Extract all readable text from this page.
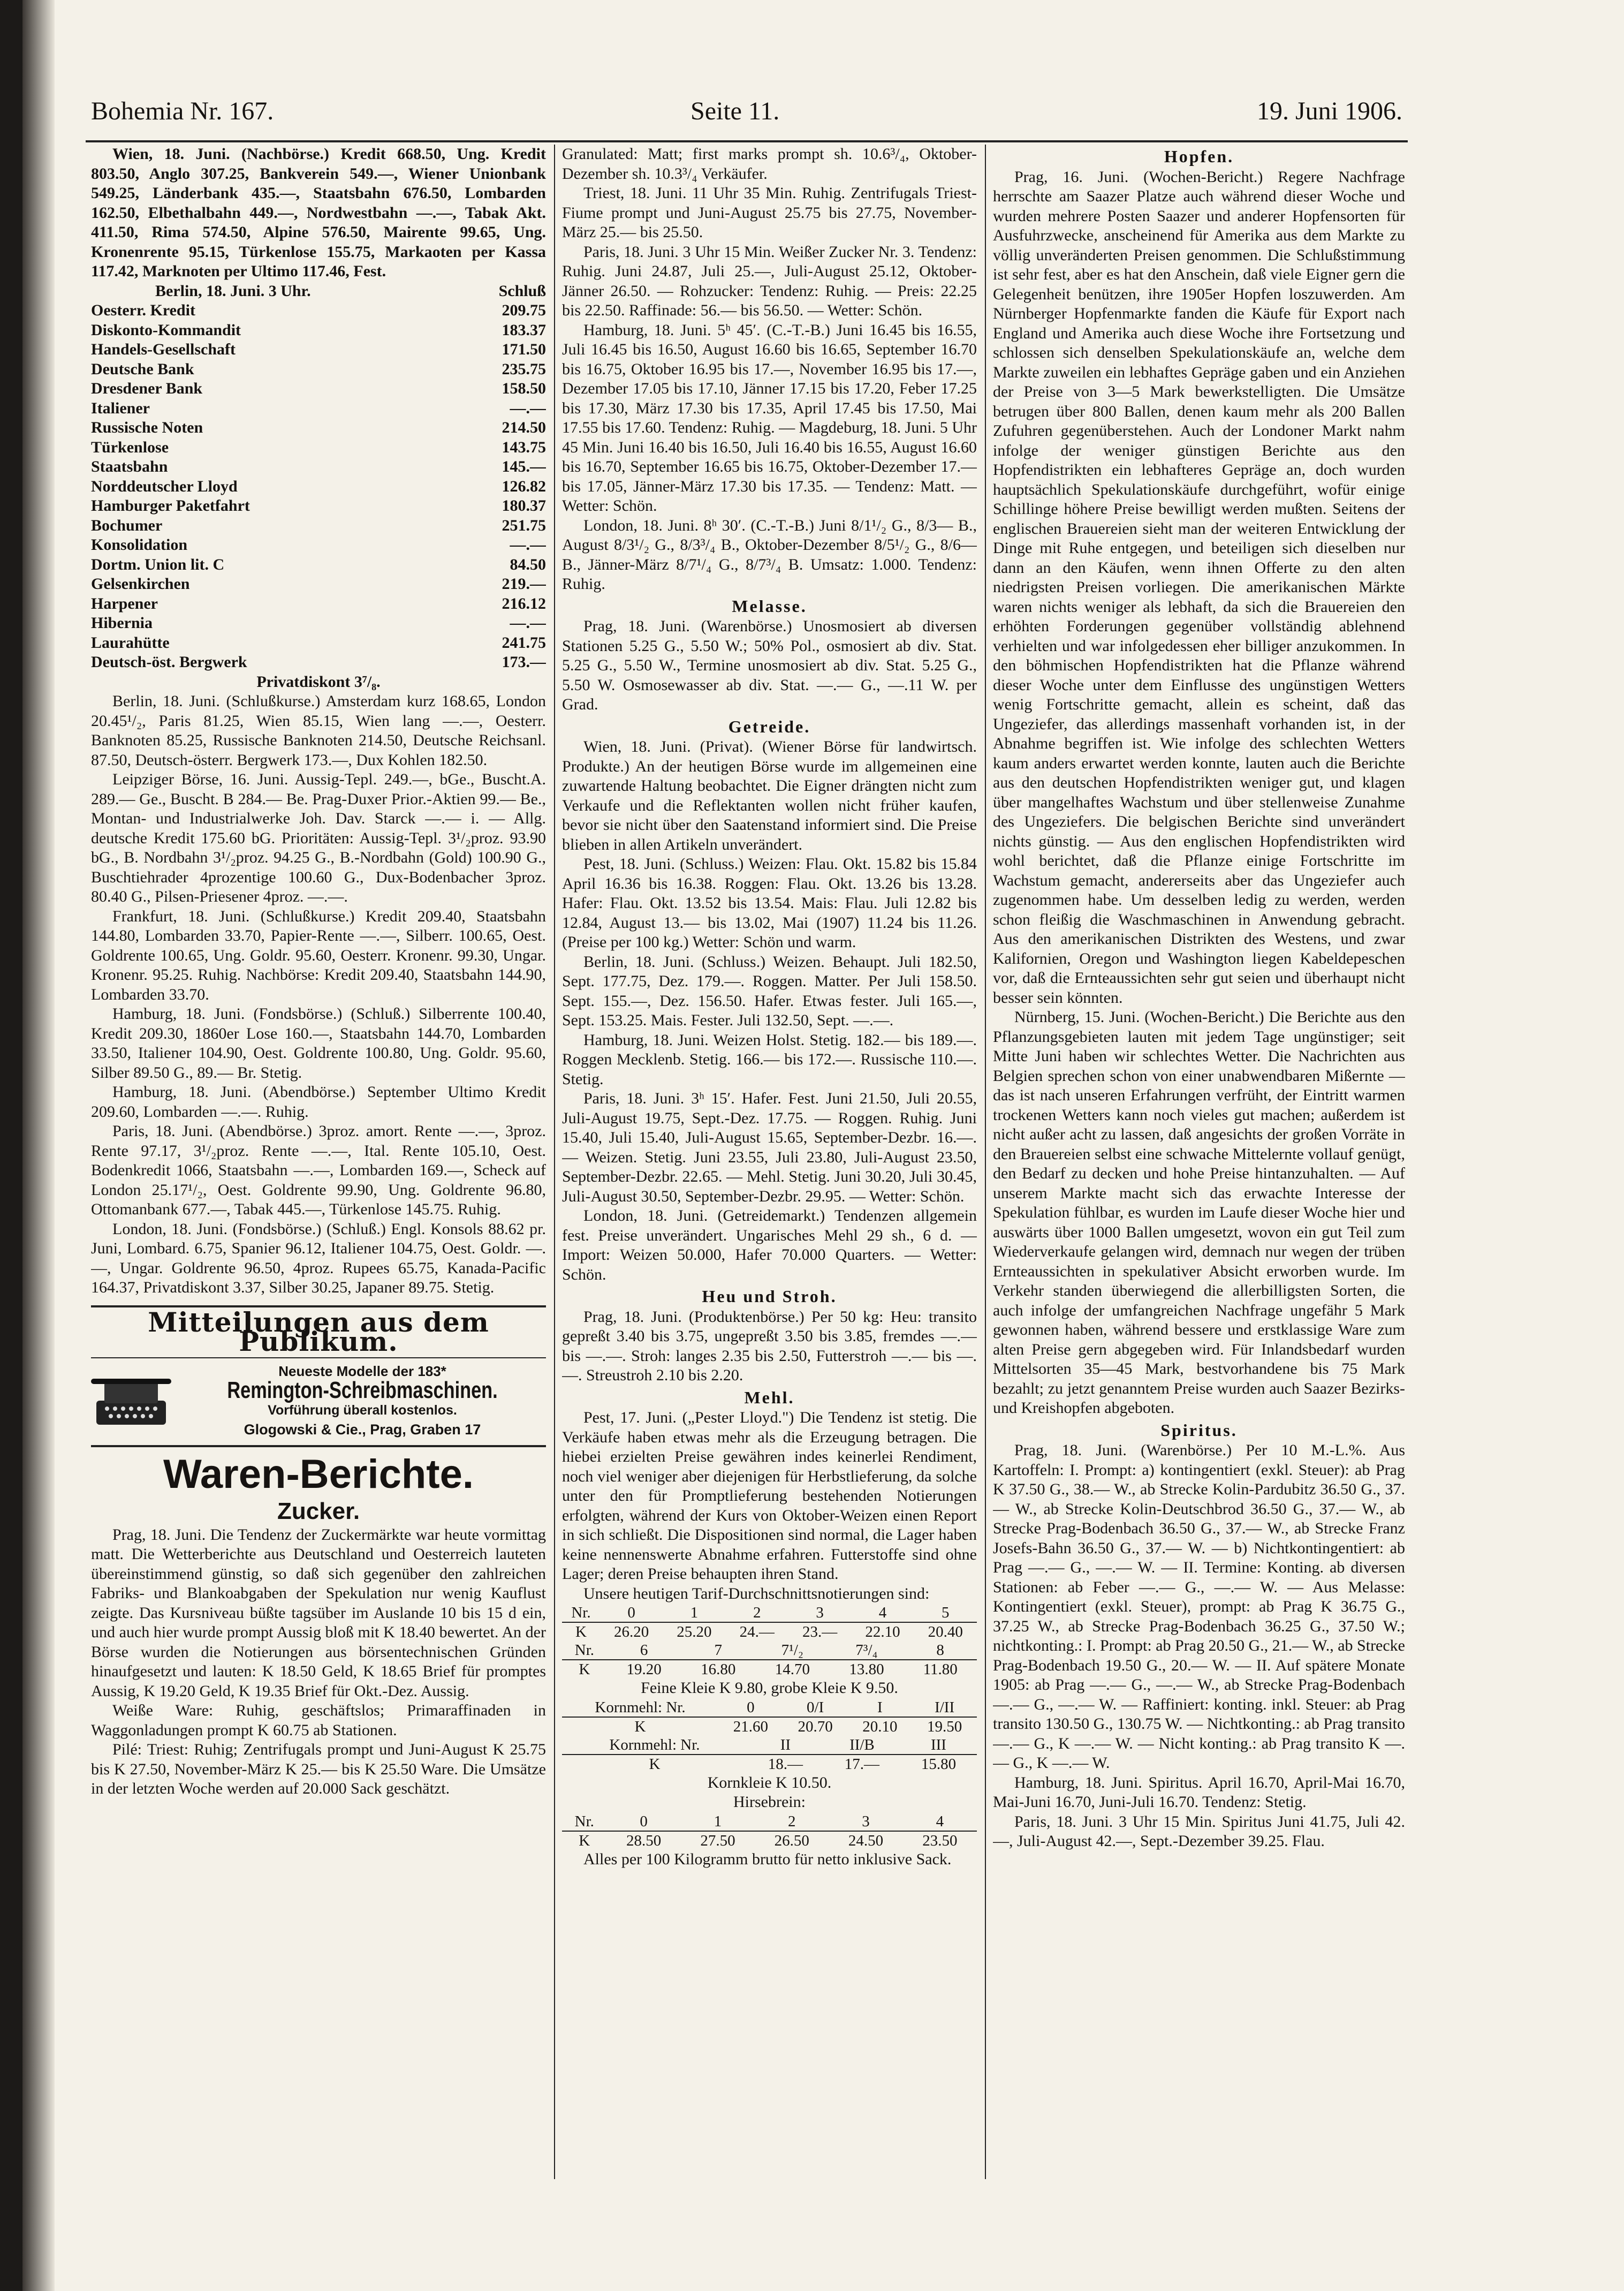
Bohemia Nr. 167.	Seite 11.	19. Juni 1906.

Wien, 18. Juni. (Nachbörse.) Kredit 668.50, Ung. Kredit 803.50, Anglo 307.25, Bankverein 549.—, Wiener Unionbank 549.25, Länderbank 435.—, Staatsbahn 676.50, Lombarden 162.50, Elbethalbahn 449.—, Nordwestbahn —.—, Tabak Akt. 411.50, Rima 574.50, Alpine 576.50, Mairente 99.65, Ung. Kronenrente 95.15, Türkenlose 155.75, Markaoten per Kassa 117.42, Marknoten per Ultimo 117.46, Fest.

Berlin, 18. Juni. 3 Uhr.	Schluß
Oesterr. Kredit	209.75
Diskonto-Kommandit	183.37
Handels-Gesellschaft	171.50
Deutsche Bank	235.75
Dresdener Bank	158.50
Italiener	—.—
Russische Noten	214.50
Türkenlose	143.75
Staatsbahn	145.—
Norddeutscher Lloyd	126.82
Hamburger Paketfahrt	180.37
Bochumer	251.75
Konsolidation	—.—
Dortm. Union lit. C	84.50
Gelsenkirchen	219.—
Harpener	216.12
Hibernia	—.—
Laurahütte	241.75
Deutsch-öst. Bergwerk	173.—

Privatdiskont 3⁷/₈.

Berlin, 18. Juni. (Schlußkurse.) Amsterdam kurz 168.65, London 20.45¹/₂, Paris 81.25, Wien 85.15, Wien lang —.—, Oesterr. Banknoten 85.25, Russische Banknoten 214.50, Deutsche Reichsanl. 87.50, Deutsch-österr. Bergwerk 173.—, Dux Kohlen 182.50.

Leipziger Börse, 16. Juni. Aussig-Tepl. 249.—, bGe., Buscht.A. 289.— Ge., Buscht. B 284.— Be. Prag-Duxer Prior.-Aktien 99.— Be., Montan- und Industrialwerke Joh. Dav. Starck —.— i. — Allg. deutsche Kredit 175.60 bG. Prioritäten: Aussig-Tepl. 3¹/₂proz. 93.90 bG., B. Nordbahn 3¹/₂proz. 94.25 G., B.-Nordbahn (Gold) 100.90 G., Buschtiehrader 4prozentige 100.60 G., Dux-Bodenbacher 3proz. 80.40 G., Pilsen-Priesener 4proz. —.—.

Frankfurt, 18. Juni. (Schlußkurse.) Kredit 209.40, Staatsbahn 144.80, Lombarden 33.70, Papier-Rente —.—, Silberr. 100.65, Oest. Goldrente 100.65, Ung. Goldr. 95.60, Oesterr. Kronenr. 99.30, Ungar. Kronenr. 95.25. Ruhig. Nachbörse: Kredit 209.40, Staatsbahn 144.90, Lombarden 33.70.

Hamburg, 18. Juni. (Fondsbörse.) (Schluß.) Silberrente 100.40, Kredit 209.30, 1860er Lose 160.—, Staatsbahn 144.70, Lombarden 33.50, Italiener 104.90, Oest. Goldrente 100.80, Ung. Goldr. 95.60, Silber 89.50 G., 89.— Br. Stetig.

Hamburg, 18. Juni. (Abendbörse.) September Ultimo Kredit 209.60, Lombarden —.—. Ruhig.

Paris, 18. Juni. (Abendbörse.) 3proz. amort. Rente —.—, 3proz. Rente 97.17, 3¹/₂proz. Rente —.—, Ital. Rente 105.10, Oest. Bodenkredit 1066, Staatsbahn —.—, Lombarden 169.—, Scheck auf London 25.17¹/₂, Oest. Goldrente 99.90, Ung. Goldrente 96.80, Ottomanbank 677.—, Tabak 445.—, Türkenlose 145.75. Ruhig.

London, 18. Juni. (Fondsbörse.) (Schluß.) Engl. Konsols 88.62 pr. Juni, Lombard. 6.75, Spanier 96.12, Italiener 104.75, Oest. Goldr. —.—, Ungar. Goldrente 96.50, 4proz. Rupees 65.75, Kanada-Pacific 164.37, Privatdiskont 3.37, Silber 30.25, Japaner 89.75. Stetig.

Mitteilungen aus dem Publikum.
Neueste Modelle der 183*
Remington-Schreibmaschinen.
Vorführung überall kostenlos.
Glogowski & Cie., Prag, Graben 17
Waren-Berichte.
Zucker.

Prag, 18. Juni. Die Tendenz der Zuckermärkte war heute vormittag matt. Die Wetterberichte aus Deutschland und Oesterreich lauteten übereinstimmend günstig, so daß sich gegenüber den zahlreichen Fabriks- und Blankoabgaben der Spekulation nur wenig Kauflust zeigte. Das Kursniveau büßte tagsüber im Auslande 10 bis 15 d ein, und auch hier wurde prompt Aussig bloß mit K 18.40 bewertet. An der Börse wurden die Notierungen aus börsentechnischen Gründen hinaufgesetzt und lauten: K 18.50 Geld, K 18.65 Brief für promptes Aussig, K 19.20 Geld, K 19.35 Brief für Okt.-Dez. Aussig.

Weiße Ware: Ruhig, geschäftslos; Primaraffinaden in Waggonladungen prompt K 60.75 ab Stationen.

Pilé: Triest: Ruhig; Zentrifugals prompt und Juni-August K 25.75 bis K 27.50, November-März K 25.— bis K 25.50 Ware. Die Umsätze in der letzten Woche werden auf 20.000 Sack geschätzt.

Granulated: Matt; first marks prompt sh. 10.6³/₄, Oktober-Dezember sh. 10.3³/₄ Verkäufer.

Triest, 18. Juni. 11 Uhr 35 Min. Ruhig. Zentrifugals Triest-Fiume prompt und Juni-August 25.75 bis 27.75, November-März 25.— bis 25.50.

Paris, 18. Juni. 3 Uhr 15 Min. Weißer Zucker Nr. 3. Tendenz: Ruhig. Juni 24.87, Juli 25.—, Juli-August 25.12, Oktober-Jänner 26.50. — Rohzucker: Tendenz: Ruhig. — Preis: 22.25 bis 22.50. Raffinade: 56.— bis 56.50. — Wetter: Schön.

Hamburg, 18. Juni. 5ʰ 45′. (C.-T.-B.) Juni 16.45 bis 16.55, Juli 16.45 bis 16.50, August 16.60 bis 16.65, September 16.70 bis 16.75, Oktober 16.95 bis 17.—, November 16.95 bis 17.—, Dezember 17.05 bis 17.10, Jänner 17.15 bis 17.20, Feber 17.25 bis 17.30, März 17.30 bis 17.35, April 17.45 bis 17.50, Mai 17.55 bis 17.60. Tendenz: Ruhig. — Magdeburg, 18. Juni. 5 Uhr 45 Min. Juni 16.40 bis 16.50, Juli 16.40 bis 16.55, August 16.60 bis 16.70, September 16.65 bis 16.75, Oktober-Dezember 17.— bis 17.05, Jänner-März 17.30 bis 17.35. — Tendenz: Matt. — Wetter: Schön.

London, 18. Juni. 8ʰ 30′. (C.-T.-B.) Juni 8/1¹/₂ G., 8/3— B., August 8/3¹/₂ G., 8/3³/₄ B., Oktober-Dezember 8/5¹/₂ G., 8/6— B., Jänner-März 8/7¹/₄ G., 8/7³/₄ B. Umsatz: 1.000. Tendenz: Ruhig.

Melasse.

Prag, 18. Juni. (Warenbörse.) Unosmosiert ab diversen Stationen 5.25 G., 5.50 W.; 50% Pol., osmosiert ab div. Stat. 5.25 G., 5.50 W., Termine unosmosiert ab div. Stat. 5.25 G., 5.50 W. Osmosewasser ab div. Stat. —.— G., —.11 W. per Grad.

Getreide.

Wien, 18. Juni. (Privat). (Wiener Börse für landwirtsch. Produkte.) An der heutigen Börse wurde im allgemeinen eine zuwartende Haltung beobachtet. Die Eigner drängten nicht zum Verkaufe und die Reflektanten wollen nicht früher kaufen, bevor sie nicht über den Saatenstand informiert sind. Die Preise blieben in allen Artikeln unverändert.

Pest, 18. Juni. (Schluss.) Weizen: Flau. Okt. 15.82 bis 15.84 April 16.36 bis 16.38. Roggen: Flau. Okt. 13.26 bis 13.28. Hafer: Flau. Okt. 13.52 bis 13.54. Mais: Flau. Juli 12.82 bis 12.84, August 13.— bis 13.02, Mai (1907) 11.24 bis 11.26. (Preise per 100 kg.) Wetter: Schön und warm.

Berlin, 18. Juni. (Schluss.) Weizen. Behaupt. Juli 182.50, Sept. 177.75, Dez. 179.—. Roggen. Matter. Per Juli 158.50. Sept. 155.—, Dez. 156.50. Hafer. Etwas fester. Juli 165.—, Sept. 153.25. Mais. Fester. Juli 132.50, Sept. —.—.

Hamburg, 18. Juni. Weizen Holst. Stetig. 182.— bis 189.—. Roggen Mecklenb. Stetig. 166.— bis 172.—. Russische 110.—. Stetig.

Paris, 18. Juni. 3ʰ 15′. Hafer. Fest. Juni 21.50, Juli 20.55, Juli-August 19.75, Sept.-Dez. 17.75. — Roggen. Ruhig. Juni 15.40, Juli 15.40, Juli-August 15.65, September-Dezbr. 16.—. — Weizen. Stetig. Juni 23.55, Juli 23.80, Juli-August 23.50, September-Dezbr. 22.65. — Mehl. Stetig. Juni 30.20, Juli 30.45, Juli-August 30.50, September-Dezbr. 29.95. — Wetter: Schön.

London, 18. Juni. (Getreidemarkt.) Tendenzen allgemein fest. Preise unverändert. Ungarisches Mehl 29 sh., 6 d. — Import: Weizen 50.000, Hafer 70.000 Quarters. — Wetter: Schön.

Heu und Stroh.

Prag, 18. Juni. (Produktenbörse.) Per 50 kg: Heu: transito gepreßt 3.40 bis 3.75, ungepreßt 3.50 bis 3.85, fremdes —.— bis —.—. Stroh: langes 2.35 bis 2.50, Futterstroh —.— bis —.—. Streustroh 2.10 bis 2.20.

Mehl.

Pest, 17. Juni. („Pester Lloyd.") Die Tendenz ist stetig. Die Verkäufe haben etwas mehr als die Erzeugung betragen. Die hiebei erzielten Preise gewähren indes keinerlei Rendiment, noch viel weniger aber diejenigen für Herbstlieferung, da solche unter den für Promptlieferung bestehenden Notierungen erfolgten, während der Kurs von Oktober-Weizen einen Report in sich schließt. Die Dispositionen sind normal, die Lager haben keine nennenswerte Abnahme erfahren. Futterstoffe sind ohne Lager; deren Preise behaupten ihren Stand.

Unsere heutigen Tarif-Durchschnittsnotierungen sind:

Nr.	0	1	2	3	4	5
K	26.20	25.20	24.—	23.—	22.10	20.40
Nr.	6	7	7¹/₂	7³/₄	8
K	19.20	16.80	14.70	13.80	11.80

Feine Kleie K 9.80, grobe Kleie K 9.50.

Kornmehl: Nr.	0	0/I	I	I/II
K	21.60	20.70	20.10	19.50
Kornmehl: Nr.	II	II/B	III
K	18.—	17.—	15.80

Kornkleie K 10.50.

Hirsebrein:

Nr.	0	1	2	3	4
K	28.50	27.50	26.50	24.50	23.50

Alles per 100 Kilogramm brutto für netto inklusive Sack.

Hopfen.

Prag, 16. Juni. (Wochen-Bericht.) Regere Nachfrage herrschte am Saazer Platze auch während dieser Woche und wurden mehrere Posten Saazer und anderer Hopfensorten für Ausfuhrzwecke, anscheinend für Amerika aus dem Markte zu völlig unveränderten Preisen genommen. Die Schlußstimmung ist sehr fest, aber es hat den Anschein, daß viele Eigner gern die Gelegenheit benützen, ihre 1905er Hopfen loszuwerden. Am Nürnberger Hopfenmarkte fanden die Käufe für Export nach England und Amerika auch diese Woche ihre Fortsetzung und schlossen sich denselben Spekulationskäufe an, welche dem Markte zuweilen ein lebhaftes Gepräge gaben und ein Anziehen der Preise von 3—5 Mark bewerkstelligten. Die Umsätze betrugen über 800 Ballen, denen kaum mehr als 200 Ballen Zufuhren gegenüberstehen. Auch der Londoner Markt nahm infolge der weniger günstigen Berichte aus den Hopfendistrikten ein lebhafteres Gepräge an, doch wurden hauptsächlich Spekulationskäufe durchgeführt, wofür einige Schillinge höhere Preise bewilligt werden mußten. Seitens der englischen Brauereien sieht man der weiteren Entwicklung der Dinge mit Ruhe entgegen, und beteiligen sich dieselben nur dann an den Käufen, wenn ihnen Offerte zu den alten niedrigsten Preisen vorliegen. Die amerikanischen Märkte waren nichts weniger als lebhaft, da sich die Brauereien den erhöhten Forderungen gegenüber vollständig ablehnend verhielten und war infolgedessen eher billiger anzukommen. In den böhmischen Hopfendistrikten hat die Pflanze während dieser Woche unter dem Einflusse des ungünstigen Wetters wenig Fortschritte gemacht, allein es scheint, daß das Ungeziefer, das allerdings massenhaft vorhanden ist, in der Abnahme begriffen ist. Wie infolge des schlechten Wetters kaum anders erwartet werden konnte, lauten auch die Berichte aus den deutschen Hopfendistrikten weniger gut, und klagen über mangelhaftes Wachstum und über stellenweise Zunahme des Ungeziefers. Die belgischen Berichte sind unverändert nichts günstig. — Aus den englischen Hopfendistrikten wird wohl berichtet, daß die Pflanze einige Fortschritte im Wachstum gemacht, andererseits aber das Ungeziefer auch zugenommen habe. Um desselben ledig zu werden, werden schon fleißig die Waschmaschinen in Anwendung gebracht. Aus den amerikanischen Distrikten des Westens, und zwar Kalifornien, Oregon und Washington liegen Kabeldepeschen vor, daß die Ernteaussichten sehr gut seien und überhaupt nicht besser sein könnten.

Nürnberg, 15. Juni. (Wochen-Bericht.) Die Berichte aus den Pflanzungsgebieten lauten mit jedem Tage ungünstiger; seit Mitte Juni haben wir schlechtes Wetter. Die Nachrichten aus Belgien sprechen schon von einer unabwendbaren Mißernte — das ist nach unseren Erfahrungen verfrüht, der Eintritt warmen trockenen Wetters kann noch vieles gut machen; außerdem ist nicht außer acht zu lassen, daß angesichts der großen Vorräte in den Brauereien selbst eine schwache Mittelernte vollauf genügt, den Bedarf zu decken und hohe Preise hintanzuhalten. — Auf unserem Markte macht sich das erwachte Interesse der Spekulation fühlbar, es wurden im Laufe dieser Woche hier und auswärts über 1000 Ballen umgesetzt, wovon ein gut Teil zum Wiederverkaufe gelangen wird, demnach nur wegen der trüben Ernteaussichten in spekulativer Absicht erworben wurde. Im Verkehr standen überwiegend die allerbilligsten Sorten, die auch infolge der umfangreichen Nachfrage ungefähr 5 Mark gewonnen haben, während bessere und erstklassige Ware zum alten Preise gern abgegeben wird. Für Inlandsbedarf wurden Mittelsorten 35—45 Mark, bestvorhandene bis 75 Mark bezahlt; zu jetzt genanntem Preise wurden auch Saazer Bezirks- und Kreishopfen abgeboten.

Spiritus.

Prag, 18. Juni. (Warenbörse.) Per 10 M.-L.%. Aus Kartoffeln: I. Prompt: a) kontingentiert (exkl. Steuer): ab Prag K 37.50 G., 38.— W., ab Strecke Kolin-Pardubitz 36.50 G., 37.— W., ab Strecke Kolin-Deutschbrod 36.50 G., 37.— W., ab Strecke Prag-Bodenbach 36.50 G., 37.— W., ab Strecke Franz Josefs-Bahn 36.50 G., 37.— W. — b) Nichtkontingentiert: ab Prag —.— G., —.— W. — II. Termine: Konting. ab diversen Stationen: ab Feber —.— G., —.— W. — Aus Melasse: Kontingentiert (exkl. Steuer), prompt: ab Prag K 36.75 G., 37.25 W., ab Strecke Prag-Bodenbach 36.25 G., 37.50 W.; nichtkonting.: I. Prompt: ab Prag 20.50 G., 21.— W., ab Strecke Prag-Bodenbach 19.50 G., 20.— W. — II. Auf spätere Monate 1905: ab Prag —.— G., —.— W., ab Strecke Prag-Bodenbach —.— G., —.— W. — Raffiniert: konting. inkl. Steuer: ab Prag transito 130.50 G., 130.75 W. — Nichtkonting.: ab Prag transito —.— G., K —.— W. — Nicht konting.: ab Prag transito K —.— G., K —.— W.

Hamburg, 18. Juni. Spiritus. April 16.70, April-Mai 16.70, Mai-Juni 16.70, Juni-Juli 16.70. Tendenz: Stetig.

Paris, 18. Juni. 3 Uhr 15 Min. Spiritus Juni 41.75, Juli 42.—, Juli-August 42.—, Sept.-Dezember 39.25. Flau.
